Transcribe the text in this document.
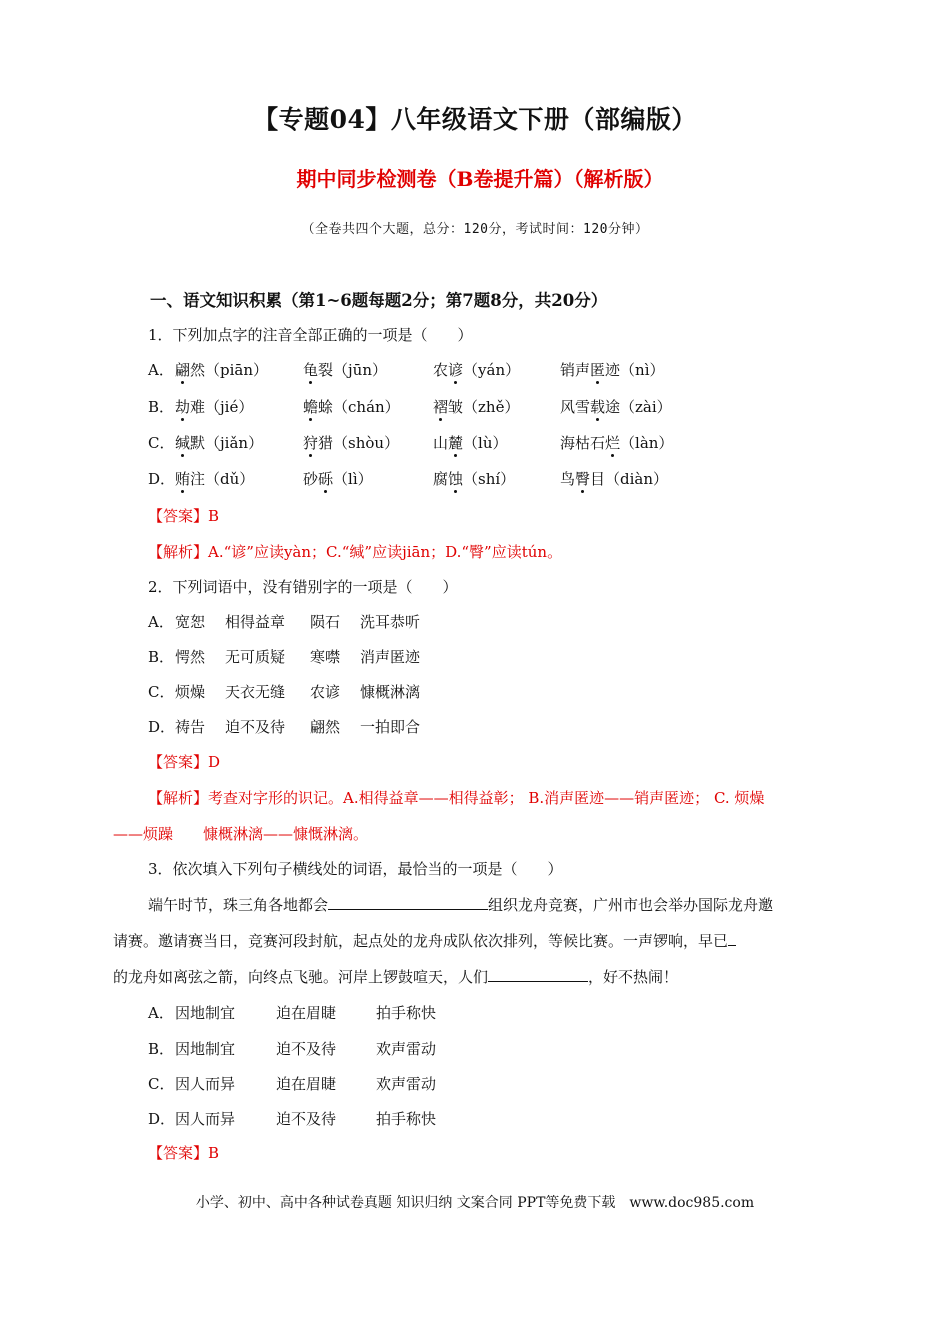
【专题04】八年级语文下册（部编版）
期中同步检测卷（B卷提升篇）（解析版）
（全卷共四个大题，总分：120分，考试时间：120分钟）
一、语文知识积累（第1~6题每题2分；第7题8分，共20分）
1．下列加点字的注音全部正确的一项是（　　）
A． 翩然（piān） 龟裂（jūn）	农谚（yán）	销声匿迹（nì）
B． 劫难（jié）	蟾蜍（chán） 褶皱（zhě）	风雪载途（zài）
C． 缄默（jiǎn）	狩猎（shòu） 山麓（lù）	海枯石烂（làn）
D． 贿注（dǔ）	砂砾（lì）	腐蚀（shí）	鸟臀目（diàn）
【答案】B
【解析】A.“谚”应读yàn；C.“缄”应读jiān；D.“臀”应读tún。
2．下列词语中，没有错别字的一项是（　　）
A． 宽恕 相得益章 陨石 洗耳恭听
B． 愕然 无可质疑 寒噤 消声匿迹
C． 烦燥 天衣无缝 农谚 慷概淋漓
D． 祷告 迫不及待 翩然 一拍即合
【答案】D
【解析】考查对字形的识记。A.相得益章——相得益彰； B.消声匿迹——销声匿迹； C. 烦燥
——烦躁　　慷概淋漓——慷慨淋漓。
3．依次填入下列句子横线处的词语，最恰当的一项是（　　）
端午时节，珠三角各地都会	组织龙舟竞赛，广州市也会举办国际龙舟邀
请赛。邀请赛当日，竞赛河段封航，起点处的龙舟成队依次排列，等候比赛。一声锣响，早已
的龙舟如离弦之箭，向终点飞驰。河岸上锣鼓喧天，人们	，好不热闹！
A． 因地制宜	迫在眉睫	拍手称快
B． 因地制宜	迫不及待	欢声雷动
C． 因人而异	迫在眉睫	欢声雷动
D． 因人而异	迫不及待	拍手称快
【答案】B
小学、初中、高中各种试卷真题 知识归纳 文案合同 PPT等免费下载　www.doc985.com
